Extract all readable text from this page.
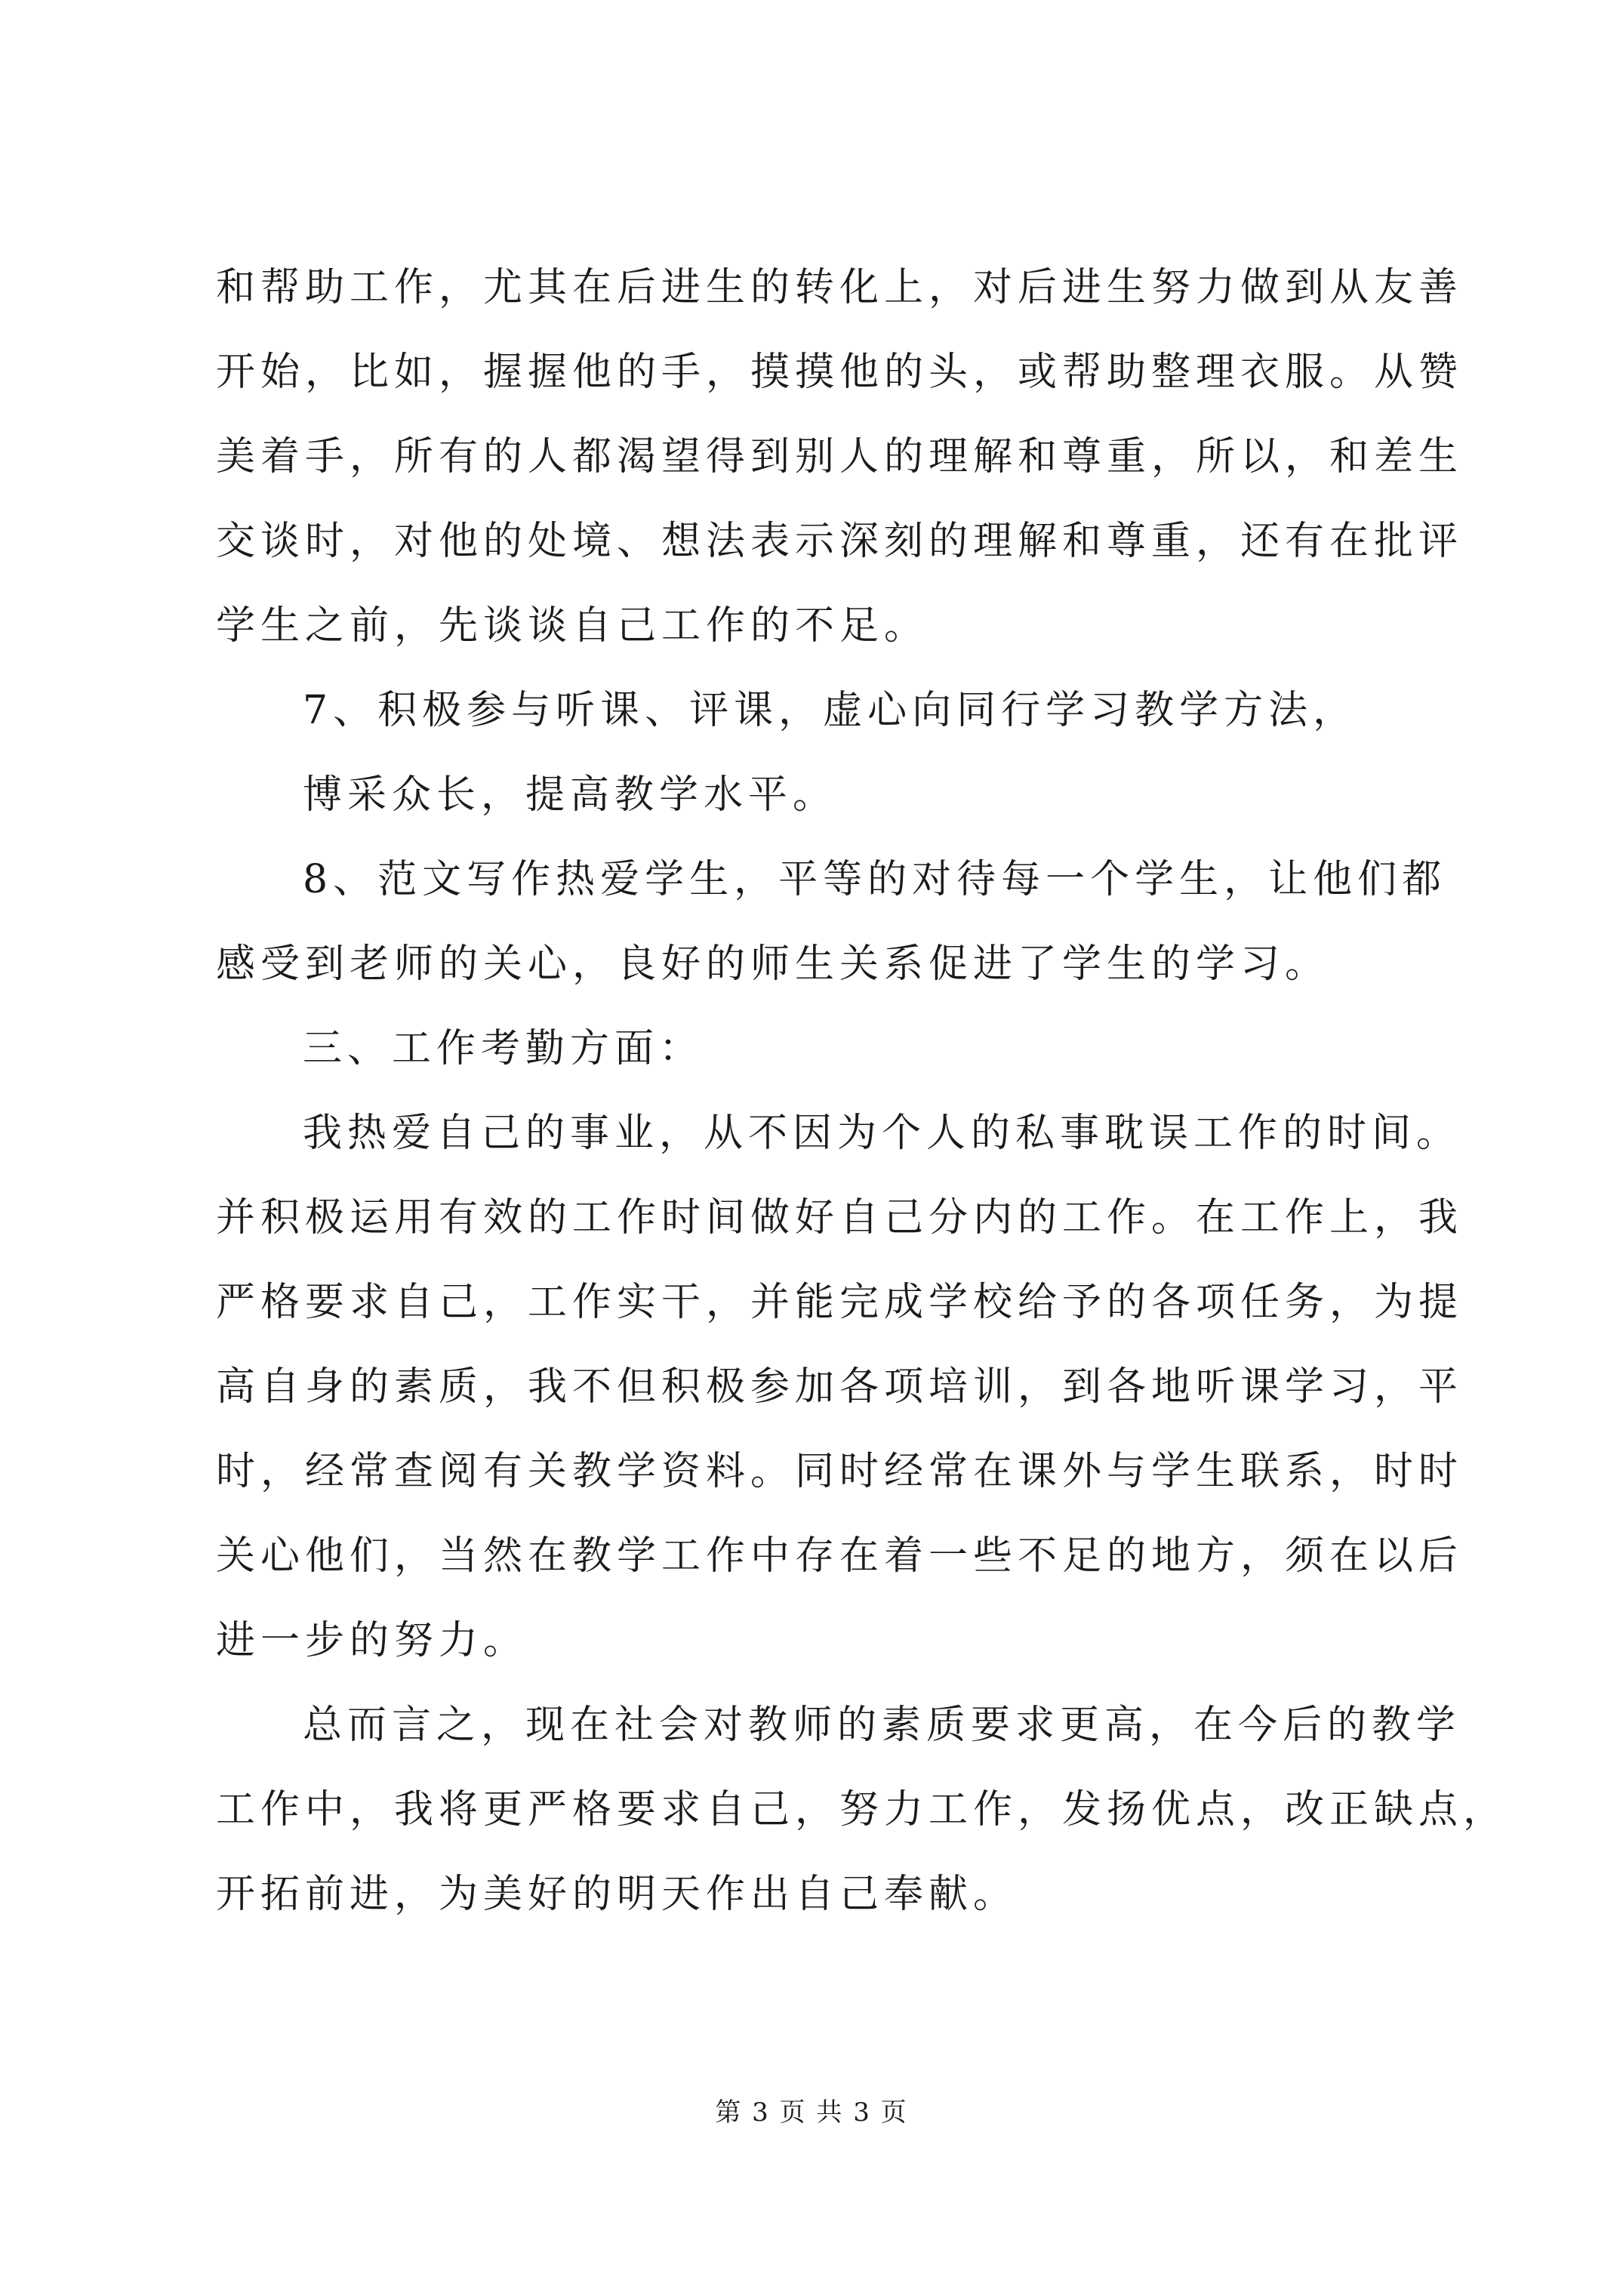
和帮助工作，尤其在后进生的转化上，对后进生努力做到从友善
开始，比如，握握他的手，摸摸他的头，或帮助整理衣服。从赞
美着手，所有的人都渴望得到别人的理解和尊重，所以，和差生
交谈时，对他的处境、想法表示深刻的理解和尊重，还有在批评
学生之前，先谈谈自己工作的不足。
7、积极参与听课、评课，虚心向同行学习教学方法，
博采众长，提高教学水平。
8、范文写作热爱学生，平等的对待每一个学生，让他们都
感受到老师的关心，良好的师生关系促进了学生的学习。
三、工作考勤方面：
我热爱自己的事业，从不因为个人的私事耽误工作的时间。
并积极运用有效的工作时间做好自己分内的工作。在工作上，我
严格要求自己，工作实干，并能完成学校给予的各项任务，为提
高自身的素质，我不但积极参加各项培训，到各地听课学习，平
时，经常查阅有关教学资料。同时经常在课外与学生联系，时时
关心他们，当然在教学工作中存在着一些不足的地方，须在以后
进一步的努力。
总而言之，现在社会对教师的素质要求更高，在今后的教学
工作中，我将更严格要求自己，努力工作，发扬优点，改正缺点，
开拓前进，为美好的明天作出自己奉献。
第 3 页 共 3 页
